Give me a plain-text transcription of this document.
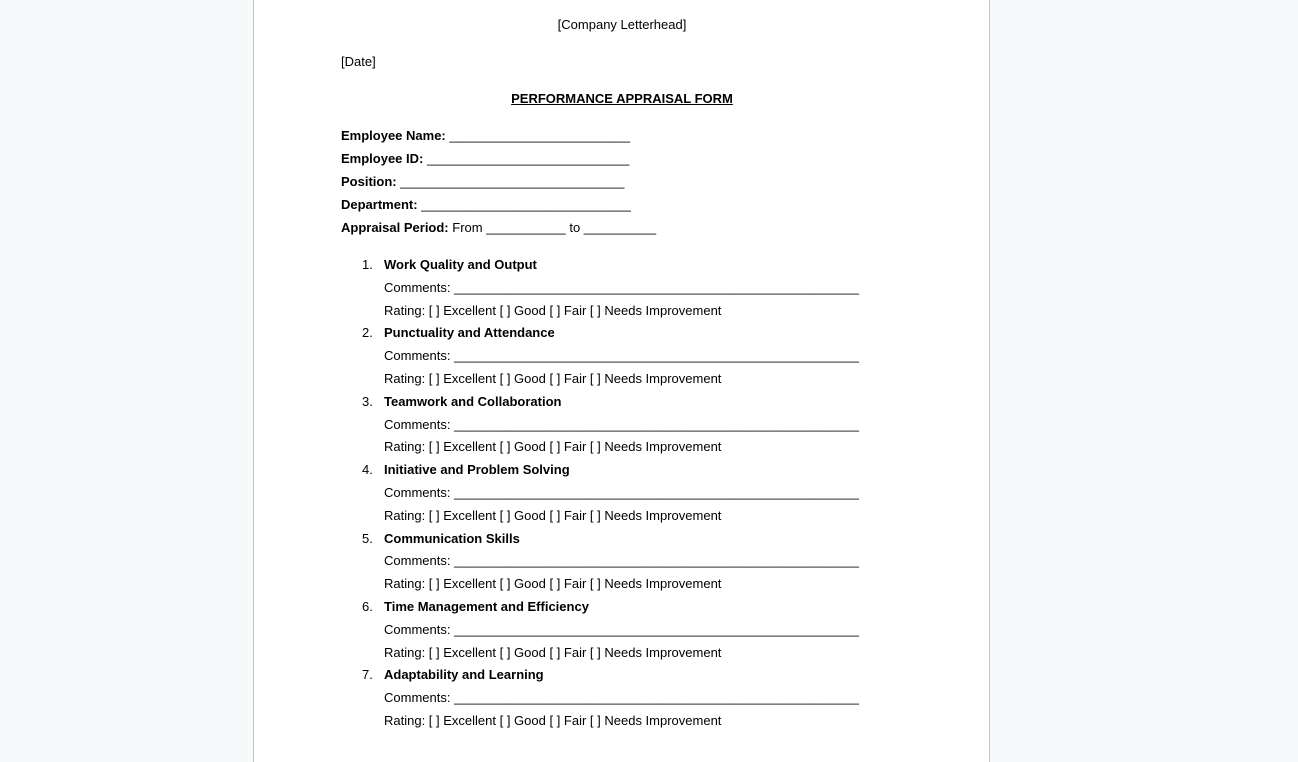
[Company Letterhead]
[Date]
PERFORMANCE APPRAISAL FORM
Employee Name: _________________________
Employee ID: ____________________________
Position: _______________________________
Department: _____________________________
Appraisal Period: From ___________ to __________
1. Work Quality and Output
Comments: ________________________________________________________
Rating: [ ] Excellent [ ] Good [ ] Fair [ ] Needs Improvement
2. Punctuality and Attendance
Comments: ________________________________________________________
Rating: [ ] Excellent [ ] Good [ ] Fair [ ] Needs Improvement
3. Teamwork and Collaboration
Comments: ________________________________________________________
Rating: [ ] Excellent [ ] Good [ ] Fair [ ] Needs Improvement
4. Initiative and Problem Solving
Comments: ________________________________________________________
Rating: [ ] Excellent [ ] Good [ ] Fair [ ] Needs Improvement
5. Communication Skills
Comments: ________________________________________________________
Rating: [ ] Excellent [ ] Good [ ] Fair [ ] Needs Improvement
6. Time Management and Efficiency
Comments: ________________________________________________________
Rating: [ ] Excellent [ ] Good [ ] Fair [ ] Needs Improvement
7. Adaptability and Learning
Comments: ________________________________________________________
Rating: [ ] Excellent [ ] Good [ ] Fair [ ] Needs Improvement
